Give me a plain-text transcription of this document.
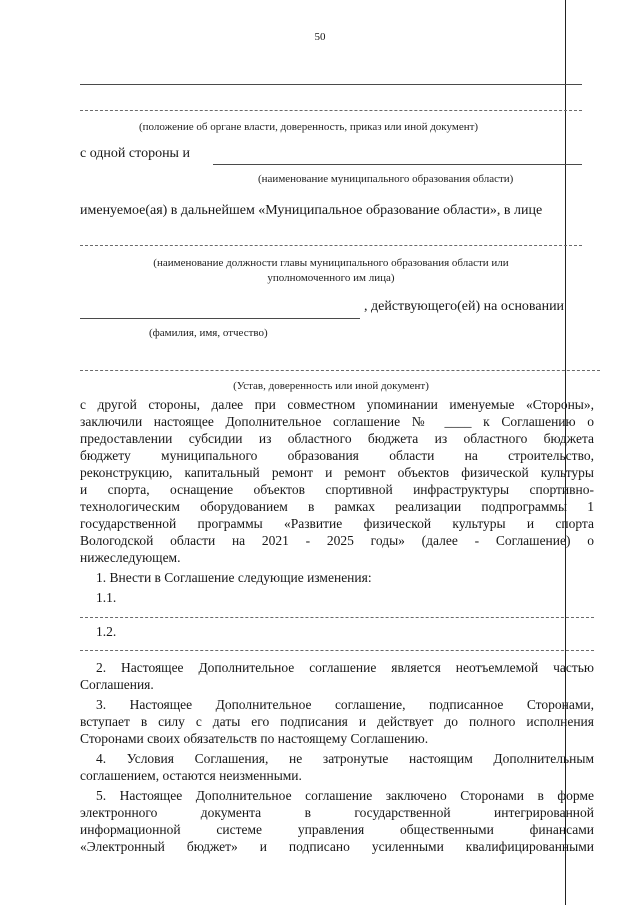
50
(положение об органе власти, доверенность, приказ или иной документ)
с одной стороны и
(наименование муниципального образования области)
именуемое(ая) в дальнейшем «Муниципальное образование области», в лице
(наименование должности главы муниципального образования области или
уполномоченного им лица)
, действующего(ей) на основании
(фамилия, имя, отчество)
(Устав, доверенность или иной документ)
с другой стороны, далее при совместном упоминании именуемые «Стороны»,
заключили настоящее Дополнительное соглашение № ____ к Соглашению о
предоставлении субсидии из областного бюджета из областного бюджета
бюджету муниципального образования области на строительство,
реконструкцию, капитальный ремонт и ремонт объектов физической культуры
и спорта, оснащение объектов спортивной инфраструктуры спортивно-
технологическим оборудованием в рамках реализации подпрограммы 1
государственной программы «Развитие физической культуры и спорта
Вологодской области на 2021 - 2025 годы» (далее - Соглашение) о
нижеследующем.
1. Внести в Соглашение следующие изменения:
1.1.
1.2.
2. Настоящее Дополнительное соглашение является неотъемлемой частью
Соглашения.
3. Настоящее Дополнительное соглашение, подписанное Сторонами,
вступает в силу с даты его подписания и действует до полного исполнения
Сторонами своих обязательств по настоящему Соглашению.
4. Условия Соглашения, не затронутые настоящим Дополнительным
соглашением, остаются неизменными.
5. Настоящее Дополнительное соглашение заключено Сторонами в форме
электронного документа в государственной интегрированной
информационной системе управления общественными финансами
«Электронный бюджет» и подписано усиленными квалифицированными
